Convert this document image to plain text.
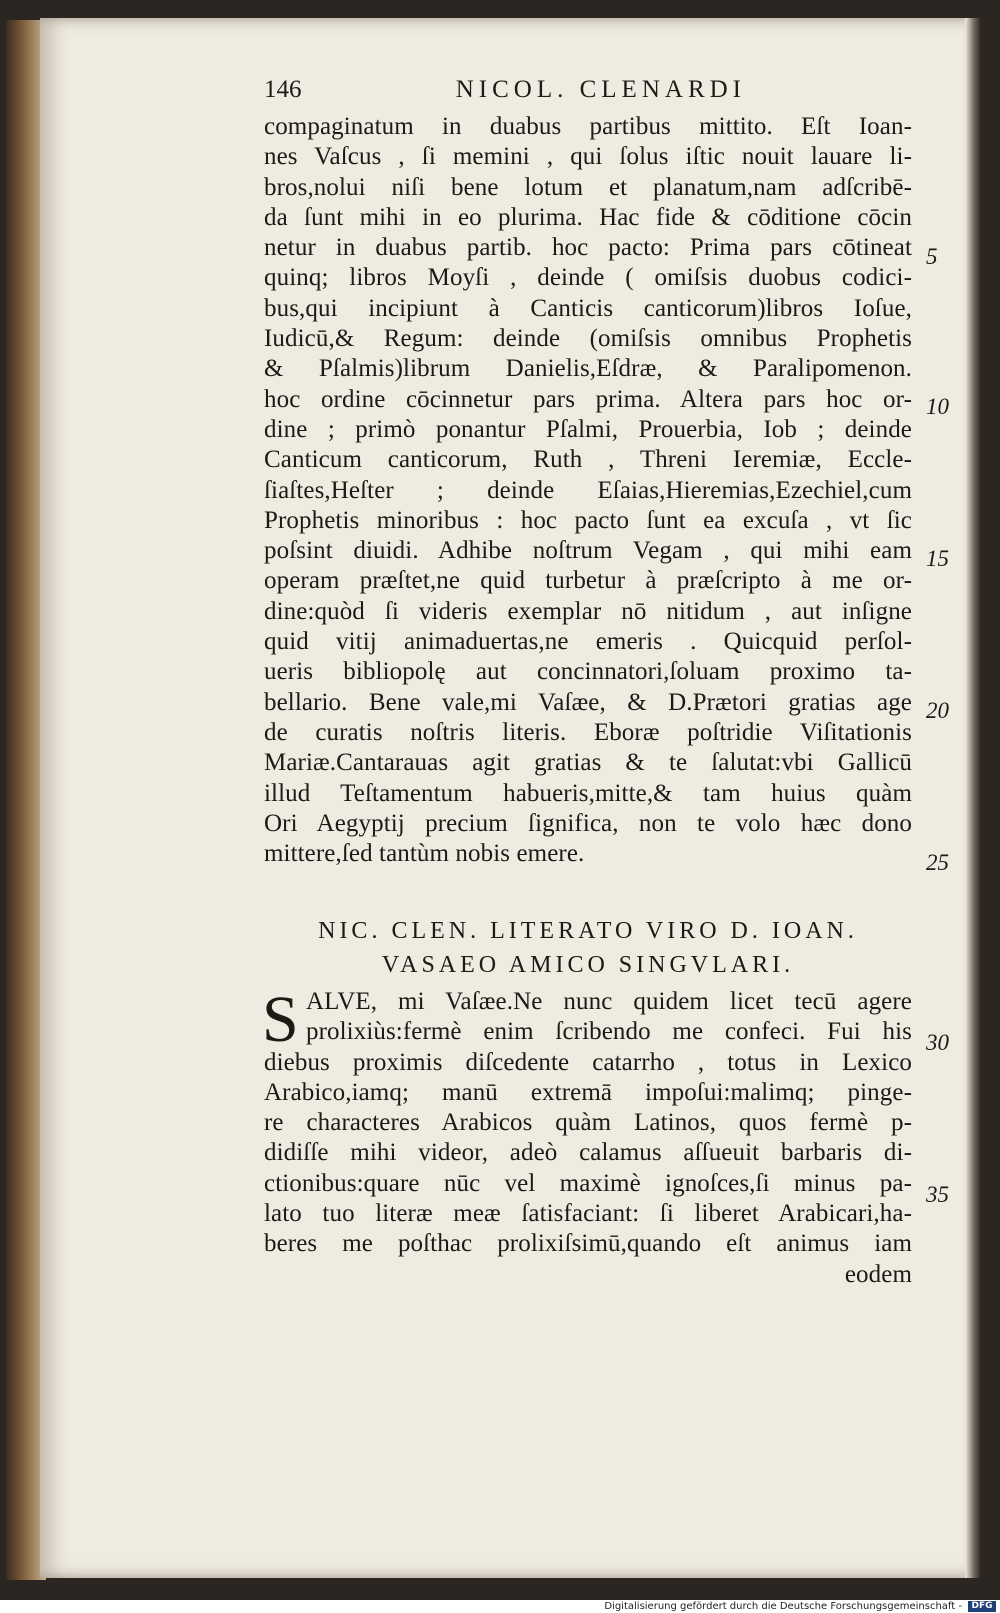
146	NICOL. CLENARDI
compaginatum in duabus partibus mittito. Eſt Ioan-
nes Vaſcus , ſi memini , qui ſolus iſtic nouit lauare li-
bros,nolui niſi bene lotum et planatum,nam adſcribē-
da ſunt mihi in eo plurima. Hac fide & cōditione cōcin
netur in duabus partib. hoc pacto: Prima pars cōtineat
quinq; libros Moyſi , deinde ( omiſsis duobus codici-
bus,qui incipiunt à Canticis canticorum)libros Ioſue,
Iudicū,& Regum: deinde (omiſsis omnibus Prophetis
& Pſalmis)librum Danielis,Eſdræ, & Paralipomenon.
hoc ordine cōcinnetur pars prima. Altera pars hoc or-
dine ; primò ponantur Pſalmi, Prouerbia, Iob ; deinde
Canticum canticorum, Ruth , Threni Ieremiæ, Eccle-
ſiaſtes,Heſter ; deinde Eſaias,Hieremias,Ezechiel,cum
Prophetis minoribus : hoc pacto ſunt ea excuſa , vt ſic
poſsint diuidi. Adhibe noſtrum Vegam , qui mihi eam
operam præſtet,ne quid turbetur à præſcripto à me or-
dine:quòd ſi videris exemplar nō nitidum , aut inſigne
quid vitij animaduertas,ne emeris . Quicquid perſol-
ueris bibliopolę aut concinnatori,ſoluam proximo ta-
bellario. Bene vale,mi Vaſæe, & D.Prætori gratias age
de curatis noſtris literis. Eboræ poſtridie Viſitationis
Mariæ.Cantarauas agit gratias & te ſalutat:vbi Gallicū
illud Teſtamentum habueris,mitte,& tam huius quàm
Ori Aegyptij precium ſignifica, non te volo hæc dono
mittere,ſed tantùm nobis emere.
5
10
15
20
25
30
35
NIC. CLEN. LITERATO VIRO D. IOAN.
VASAEO AMICO SINGVLARI.
S ALVE, mi Vaſæe.Ne nunc quidem licet tecū agere
prolixiùs:fermè enim ſcribendo me confeci. Fui his
diebus proximis diſcedente catarrho , totus in Lexico
Arabico,iamq; manū extremā impoſui:malimq; pinge-
re characteres Arabicos quàm Latinos, quos fermè p-
didiſſe mihi videor, adeò calamus aſſueuit barbaris di-
ctionibus:quare nūc vel maximè ignoſces,ſi minus pa-
lato tuo literæ meæ ſatisfaciant: ſi liberet Arabicari,ha-
beres me poſthac prolixiſsimū,quando eſt animus iam
eodem
Digitalisierung gefördert durch die Deutsche Forschungsgemeinschaft -	DFG
